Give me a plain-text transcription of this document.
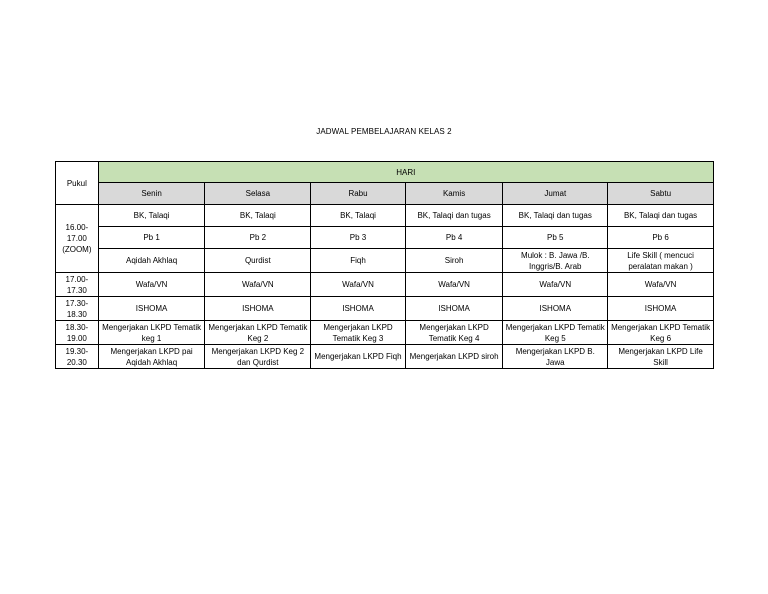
JADWAL PEMBELAJARAN KELAS 2
Pukul	HARI					
	Senin	Selasa	Rabu	Kamis	Jumat	Sabtu
16.00-
17.00
(ZOOM)	BK, Talaqi	BK, Talaqi	BK, Talaqi	BK, Talaqi dan tugas	BK, Talaqi dan tugas	BK, Talaqi dan tugas
	Pb 1	Pb 2	Pb 3	Pb 4	Pb 5	Pb 6
	Aqidah Akhlaq	Qurdist	Fiqh	Siroh	Mulok : B. Jawa /B. Inggris/B. Arab	Life Skill ( mencuci peralatan makan )
17.00-
17.30	Wafa/VN	Wafa/VN	Wafa/VN	Wafa/VN	Wafa/VN	Wafa/VN
17.30-
18.30	ISHOMA	ISHOMA	ISHOMA	ISHOMA	ISHOMA	ISHOMA
18.30-
19.00	Mengerjakan LKPD Tematik keg 1	Mengerjakan LKPD Tematik Keg 2	Mengerjakan LKPD Tematik Keg 3	Mengerjakan LKPD Tematik Keg 4	Mengerjakan LKPD Tematik Keg 5	Mengerjakan LKPD Tematik Keg 6
19.30-
20.30	Mengerjakan LKPD pai Aqidah Akhlaq	Mengerjakan LKPD Keg 2 dan Qurdist	Mengerjakan LKPD Fiqh	Mengerjakan LKPD siroh	Mengerjakan LKPD B. Jawa	Mengerjakan LKPD Life Skill
